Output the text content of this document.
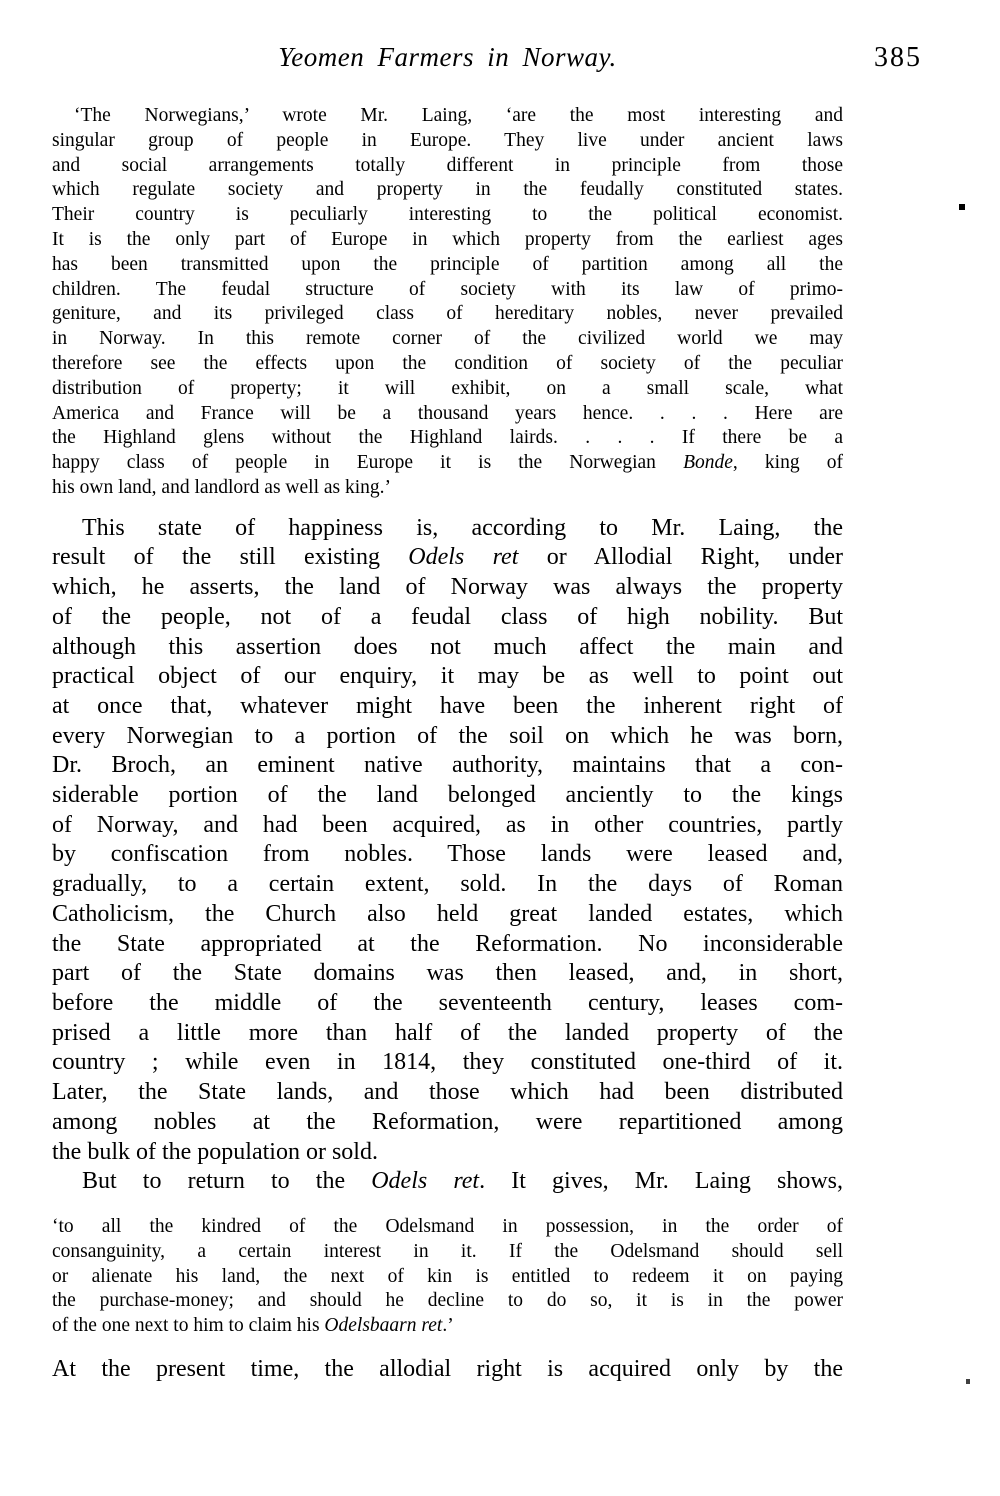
Yeomen Farmers in Norway.	385
‘The Norwegians,’ wrote Mr. Laing, ‘are the most interesting and
singular group of people in Europe. They live under ancient laws
and social arrangements totally different in principle from those
which regulate society and property in the feudally constituted states.
Their country is peculiarly interesting to the political economist.
It is the only part of Europe in which property from the earliest ages
has been transmitted upon the principle of partition among all the
children. The feudal structure of society with its law of primo-
geniture, and its privileged class of hereditary nobles, never prevailed
in Norway. In this remote corner of the civilized world we may
therefore see the effects upon the condition of society of the peculiar
distribution of property; it will exhibit, on a small scale, what
America and France will be a thousand years hence. . . . Here are
the Highland glens without the Highland lairds. . . . If there be a
happy class of people in Europe it is the Norwegian Bonde, king of
his own land, and landlord as well as king.’
This state of happiness is, according to Mr. Laing, the
result of the still existing Odels ret or Allodial Right, under
which, he asserts, the land of Norway was always the property
of the people, not of a feudal class of high nobility. But
although this assertion does not much affect the main and
practical object of our enquiry, it may be as well to point out
at once that, whatever might have been the inherent right of
every Norwegian to a portion of the soil on which he was born,
Dr. Broch, an eminent native authority, maintains that a con-
siderable portion of the land belonged anciently to the kings
of Norway, and had been acquired, as in other countries, partly
by confiscation from nobles. Those lands were leased and,
gradually, to a certain extent, sold. In the days of Roman
Catholicism, the Church also held great landed estates, which
the State appropriated at the Reformation. No inconsiderable
part of the State domains was then leased, and, in short,
before the middle of the seventeenth century, leases com-
prised a little more than half of the landed property of the
country ; while even in 1814, they constituted one-third of it.
Later, the State lands, and those which had been distributed
among nobles at the Reformation, were repartitioned among
the bulk of the population or sold.
But to return to the Odels ret. It gives, Mr. Laing shows,
‘to all the kindred of the Odelsmand in possession, in the order of
consanguinity, a certain interest in it. If the Odelsmand should sell
or alienate his land, the next of kin is entitled to redeem it on paying
the purchase-money; and should he decline to do so, it is in the power
of the one next to him to claim his Odelsbaarn ret.’
At the present time, the allodial right is acquired only by the
